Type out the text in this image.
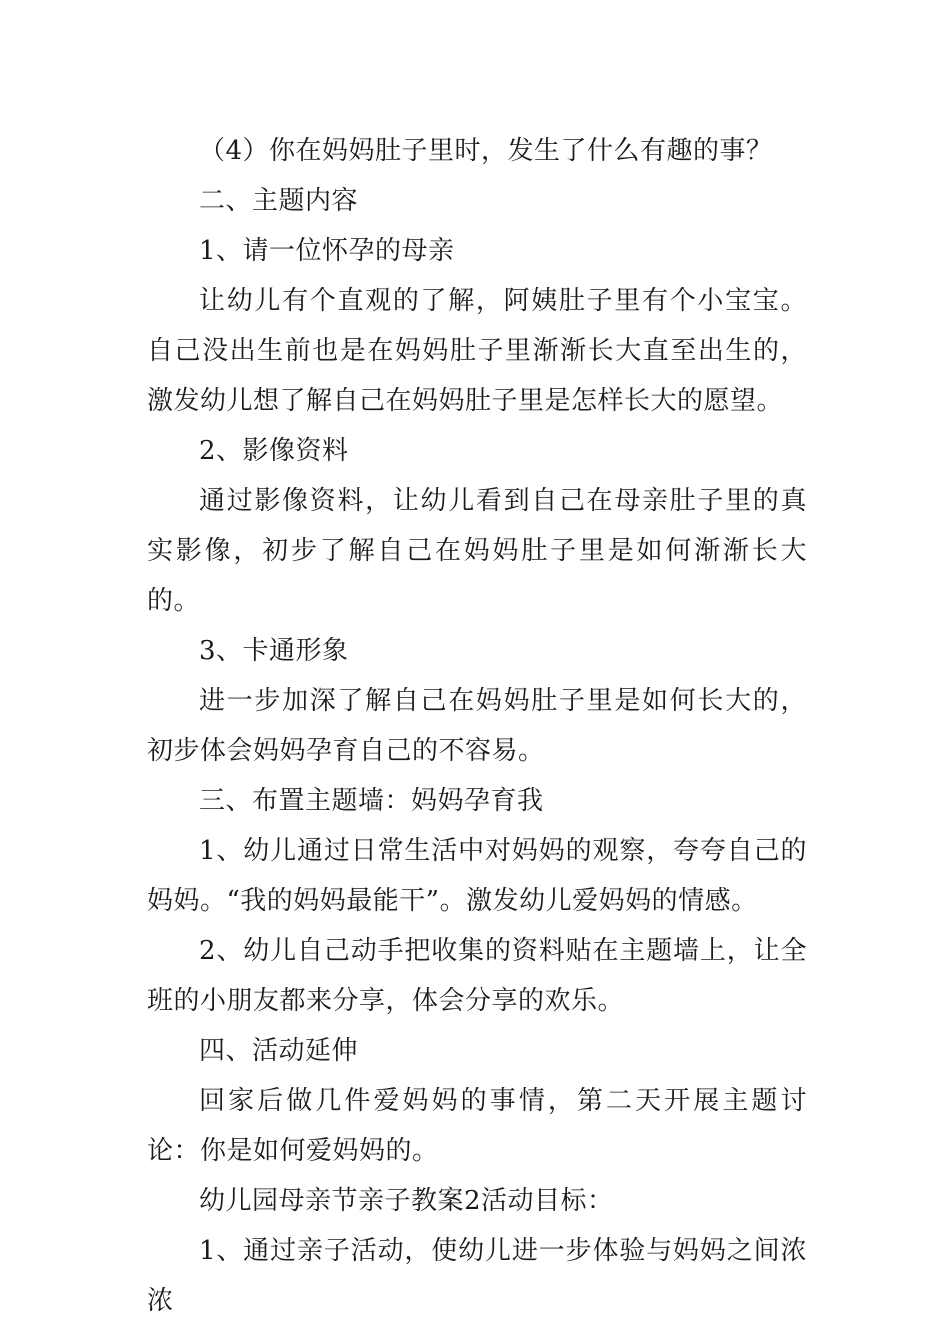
（4）你在妈妈肚子里时，发生了什么有趣的事？

二、主题内容

1、请一位怀孕的母亲

让幼儿有个直观的了解，阿姨肚子里有个小宝宝。自己没出生前也是在妈妈肚子里渐渐长大直至出生的，激发幼儿想了解自己在妈妈肚子里是怎样长大的愿望。

2、影像资料

通过影像资料，让幼儿看到自己在母亲肚子里的真实影像，初步了解自己在妈妈肚子里是如何渐渐长大的。

3、卡通形象

进一步加深了解自己在妈妈肚子里是如何长大的，初步体会妈妈孕育自己的不容易。

三、布置主题墙：妈妈孕育我

1、幼儿通过日常生活中对妈妈的观察，夸夸自己的妈妈。“我的妈妈最能干”。激发幼儿爱妈妈的情感。

2、幼儿自己动手把收集的资料贴在主题墙上，让全班的小朋友都来分享，体会分享的欢乐。

四、活动延伸

回家后做几件爱妈妈的事情，第二天开展主题讨论：你是如何爱妈妈的。

幼儿园母亲节亲子教案2活动目标：

1、通过亲子活动，使幼儿进一步体验与妈妈之间浓浓
